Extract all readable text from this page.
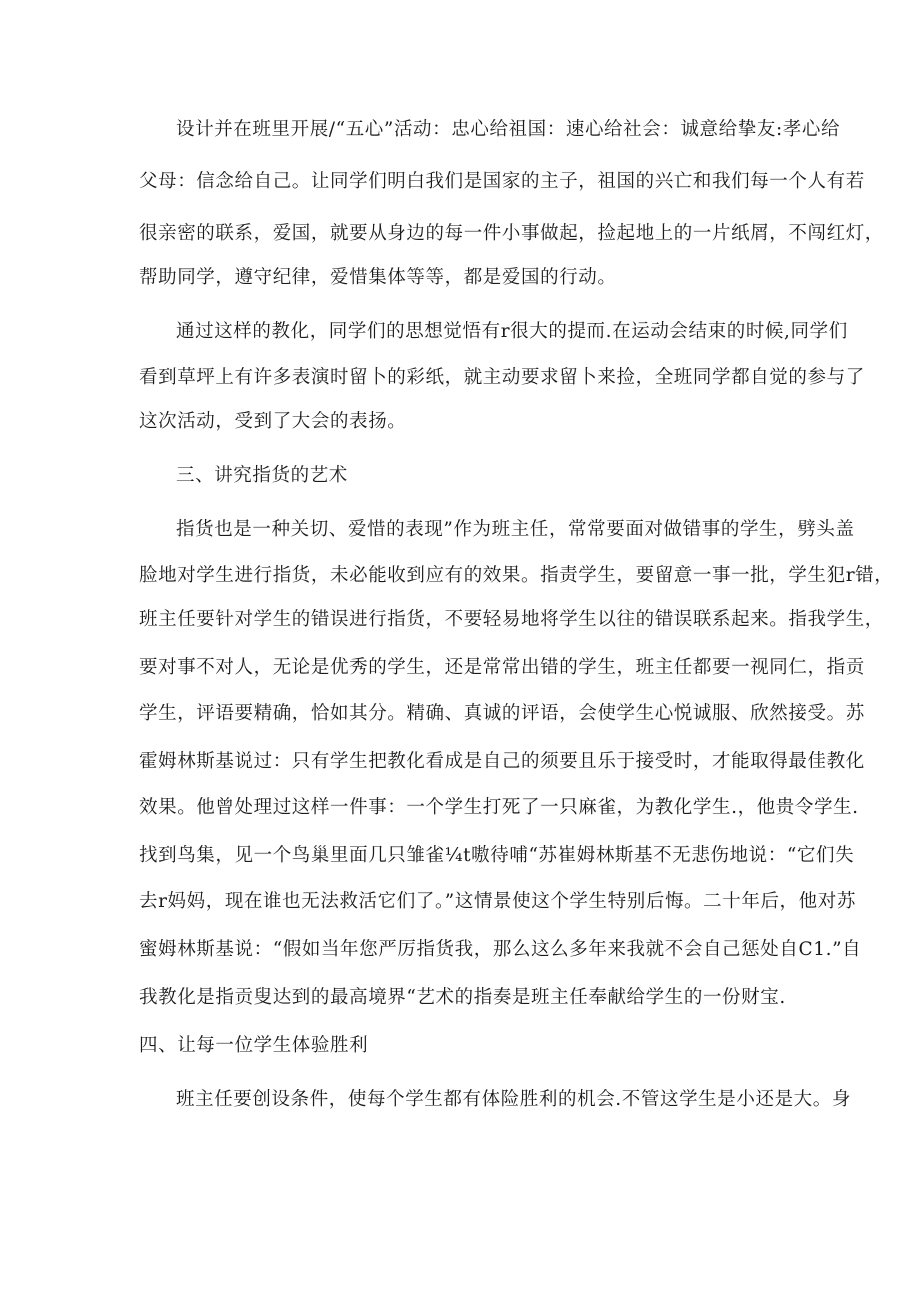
设计并在班里开展/“五心”活动：忠心给祖国：速心给社会：诚意给挚友:孝心给
父母：信念给自己。让同学们明白我们是国家的主子，祖国的兴亡和我们每一个人有若
很亲密的联系，爱国，就要从身边的每一件小事做起，捡起地上的一片纸屑，不闯红灯，
帮助同学，遵守纪律，爱惜集体等等，都是爱国的行动。
通过这样的教化，同学们的思想觉悟有r很大的提而.在运动会结束的时候,同学们
看到草坪上有许多表演时留卜的彩纸，就主动要求留卜来捡，全班同学都自觉的参与了
这次活动，受到了大会的表扬。
三、讲究指货的艺术
指货也是一种关切、爱惜的表现”作为班主任，常常要面对做错事的学生，劈头盖
脸地对学生进行指货，未必能收到应有的效果。指责学生，要留意一事一批，学生犯r错，
班主任要针对学生的错误进行指货，不要轻易地将学生以往的错误联系起来。指我学生，
要对事不对人，无论是优秀的学生，还是常常出错的学生，班主任都要一视同仁，指贡
学生，评语要精确，恰如其分。精确、真诚的评语，会使学生心悦诚服、欣然接受。苏
霍姆林斯基说过：只有学生把教化看成是自己的须要且乐于接受时，才能取得最佳教化
效果。他曾处理过这样一件事：一个学生打死了一只麻雀，为教化学生.，他贵令学生.
找到鸟集，见一个鸟巢里面几只雏雀¼t嗷待哺“苏崔姆林斯基不无悲伤地说：“它们失
去r妈妈，现在谁也无法救活它们了。”这情景使这个学生特别后悔。二十年后，他对苏
蜜姆林斯基说：“假如当年您严厉指货我，那么这么多年来我就不会自己惩处自C1.”自
我教化是指贡叟达到的最高境界“艺术的指奏是班主任奉献给学生的一份财宝.
四、让每一位学生体验胜利
班主任要创设条件，使每个学生都有体险胜利的机会.不管这学生是小还是大。身
